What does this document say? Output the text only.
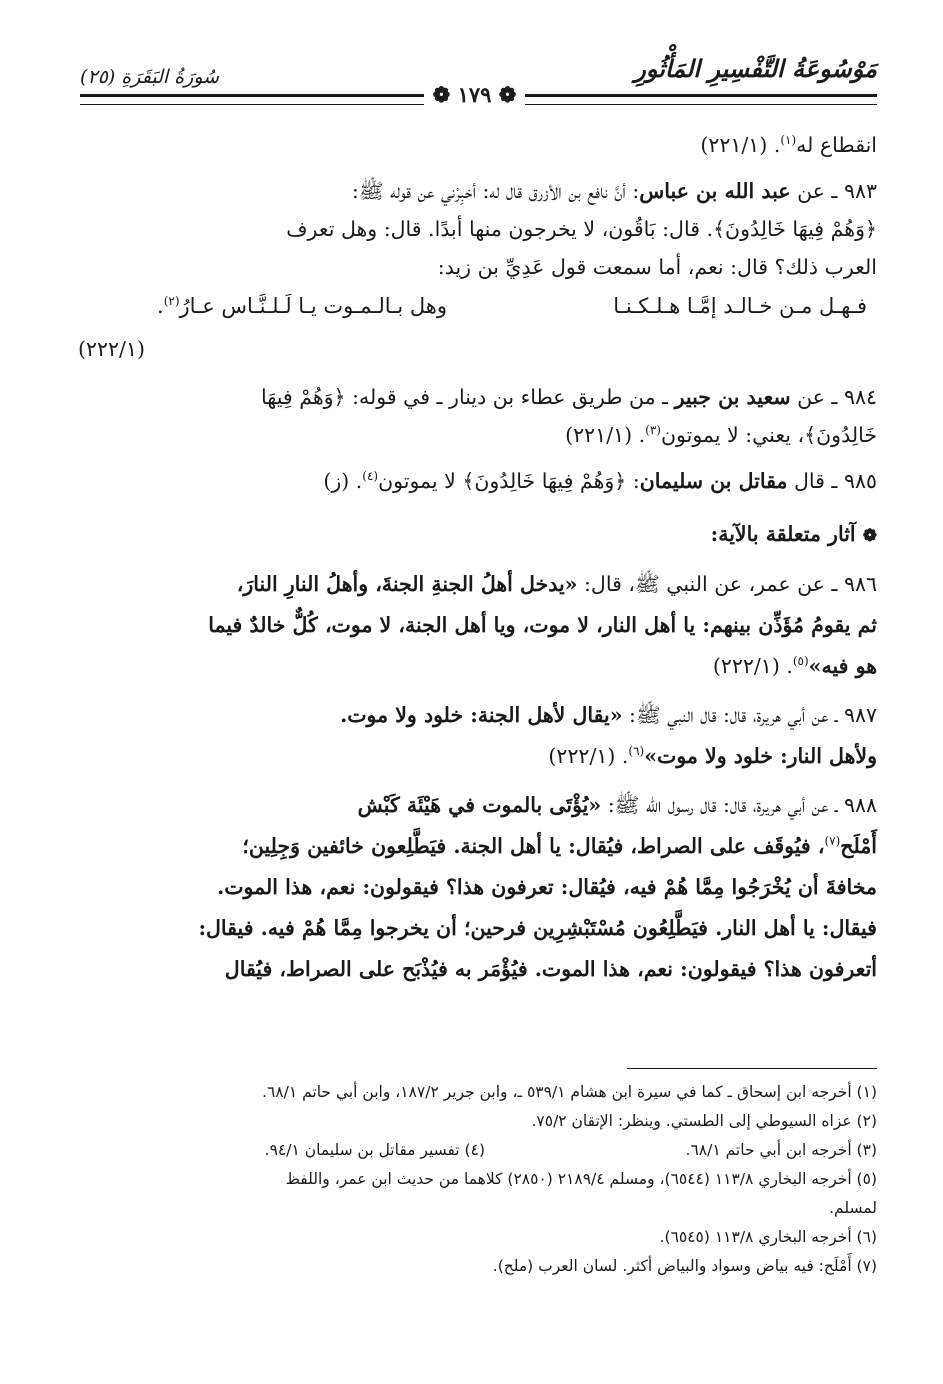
مَوْسُوعَةُ التَّفْسِيرِ المَأْثُورِ
سُورَةُ البَقَرَةِ (٢٥)
❁ ١٧٩ ❁

انقطاع له$^{(١)}$. (٢٢١/١)

٩٨٣ ـ عن عبد الله بن عباس: أنَّ نافع بن الأزرق قال له: أخبِرْني عن قوله ﷺ:

﴿وَهُمْ فِيهَا خَالِدُونَ﴾. قال: بَاقُون، لا يخرجون منها أبدًا. قال: وهل تعرف

العرب ذلك؟ قال: نعم، أما سمعت قول عَدِيِّ بن زيد:

فـهـل مـن خـالـد إمَّـا هـلـكـنـا
وهل بـالـمـوت يـا لَـلـنَّـاس عـارُ$^{(٢)}$.

(٢٢٢/١)

٩٨٤ ـ عن سعيد بن جبير ـ من طريق عطاء بن دينار ـ في قوله: ﴿وَهُمْ فِيهَا

خَالِدُونَ﴾، يعني: لا يموتون$^{(٣)}$. (٢٢١/١)

٩٨٥ ـ قال مقاتل بن سليمان: ﴿وَهُمْ فِيهَا خَالِدُونَ﴾ لا يموتون$^{(٤)}$. (ز)

❁ آثار متعلقة بالآية:

٩٨٦ ـ عن عمر، عن النبي ﷺ، قال: «يدخل أهلُ الجنةِ الجنةَ، وأهلُ النارِ النارَ،

ثم يقومُ مُؤَذِّن بينهم: يا أهل النار، لا موت، ويا أهل الجنة، لا موت، كُلٌّ خالدٌ فيما

هو فيه»$^{(٥)}$. (٢٢٢/١)

٩٨٧ ـ عن أبي هريرة، قال: قال النبي ﷺ: «يقال لأهل الجنة: خلود ولا موت.

ولأهل النار: خلود ولا موت»$^{(٦)}$. (٢٢٢/١)

٩٨٨ ـ عن أبي هريرة، قال: قال رسول الله ﷺ: «يُؤْتَى بالموت في هَيْئَة كَبْش

أَمْلَح$^{(٧)}$، فيُوقَف على الصراط، فيُقال: يا أهل الجنة. فيَطَّلِعون خائفين وَجِلِين؛

مخافةَ أن يُخْرَجُوا مِمَّا هُمْ فيه، فيُقال: تعرفون هذا؟ فيقولون: نعم، هذا الموت.

فيقال: يا أهل النار. فيَطَّلِعُون مُسْتَبْشِرِين فرحين؛ أن يخرجوا مِمَّا هُمْ فيه. فيقال:

أتعرفون هذا؟ فيقولون: نعم، هذا الموت. فيُؤْمَر به فيُذْبَح على الصراط، فيُقال

(١) أخرجه ابن إسحاق ـ كما في سيرة ابن هشام ٥٣٩/١ ـ، وابن جرير ١٨٧/٢، وابن أبي حاتم ٦٨/١.
(٢) عزاه السيوطي إلى الطستي. وينظر: الإتقان ٧٥/٢.
(٣) أخرجه ابن أبي حاتم ٦٨/١.
(٤) تفسير مقاتل بن سليمان ٩٤/١.
(٥) أخرجه البخاري ١١٣/٨ (٦٥٤٤)، ومسلم ٢١٨٩/٤ (٢٨٥٠) كلاهما من حديث ابن عمر، واللفظ
لمسلم.
(٦) أخرجه البخاري ١١٣/٨ (٦٥٤٥).
(٧) أَمْلَح: فيه بياض وسواد والبياض أكثر. لسان العرب (ملح).
